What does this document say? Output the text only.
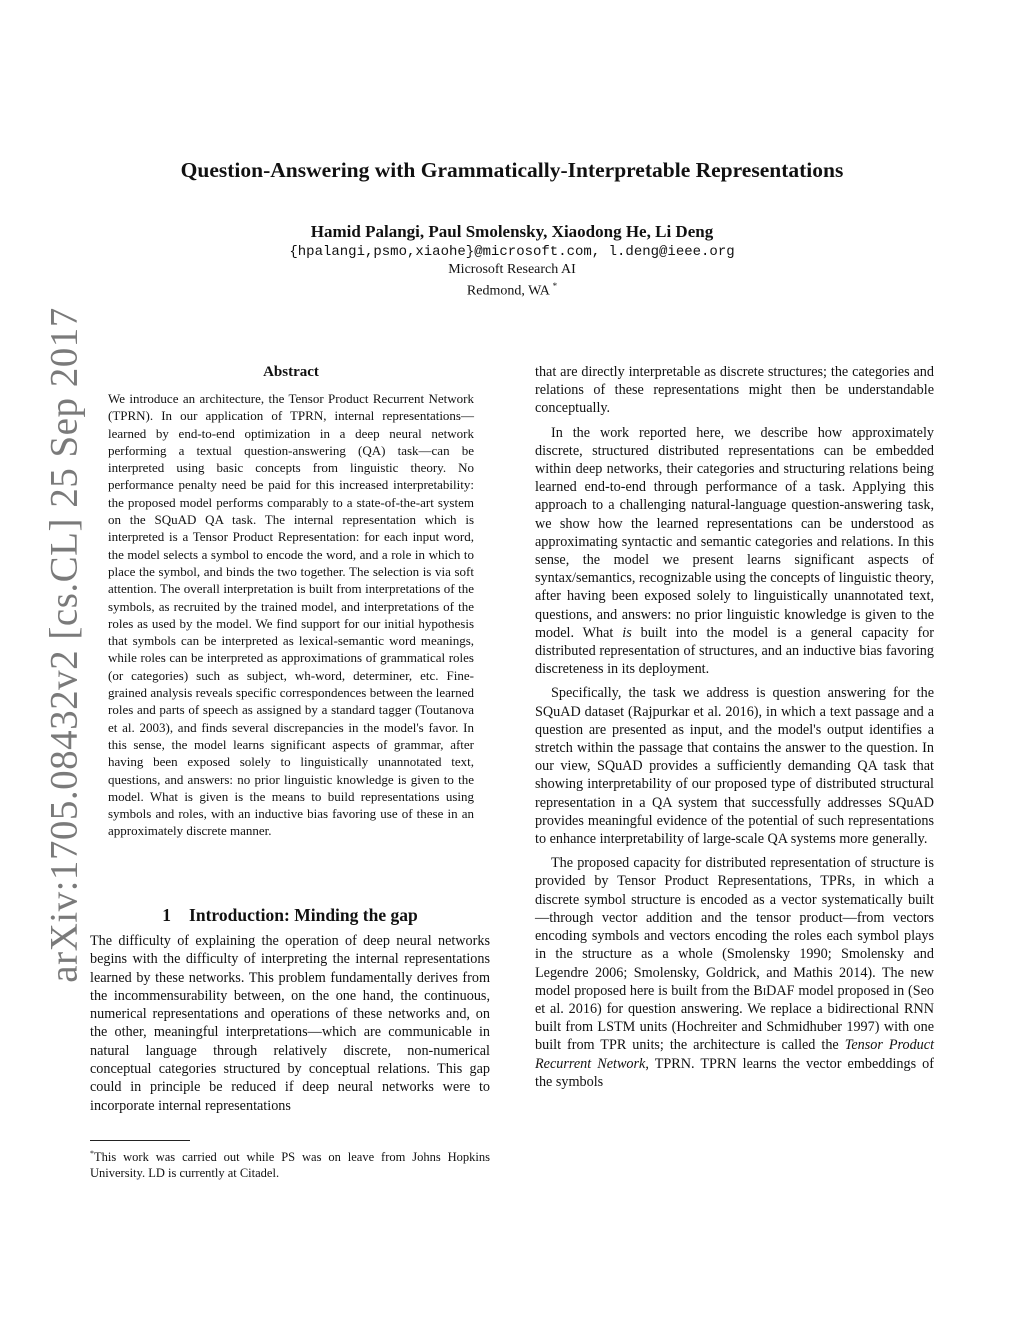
arXiv:1705.08432v2 [cs.CL] 25 Sep 2017
Question-Answering with Grammatically-Interpretable Representations
Hamid Palangi, Paul Smolensky, Xiaodong He, Li Deng
{hpalangi,psmo,xiaohe}@microsoft.com, l.deng@ieee.org
Microsoft Research AI
Redmond, WA *
Abstract

We introduce an architecture, the Tensor Product Recurrent Network (TPRN). In our application of TPRN, internal representations—learned by end-to-end optimization in a deep neural network performing a textual question-answering (QA) task—can be interpreted using basic concepts from linguistic theory. No performance penalty need be paid for this increased interpretability: the proposed model performs comparably to a state-of-the-art system on the SQuAD QA task. The internal representation which is interpreted is a Tensor Product Representation: for each input word, the model selects a symbol to encode the word, and a role in which to place the symbol, and binds the two together. The selection is via soft attention. The overall interpretation is built from interpretations of the symbols, as recruited by the trained model, and interpretations of the roles as used by the model. We find support for our initial hypothesis that symbols can be interpreted as lexical-semantic word meanings, while roles can be interpreted as approximations of grammatical roles (or categories) such as subject, wh-word, determiner, etc. Fine-grained analysis reveals specific correspondences between the learned roles and parts of speech as assigned by a standard tagger (Toutanova et al. 2003), and finds several discrepancies in the model's favor. In this sense, the model learns significant aspects of grammar, after having been exposed solely to linguistically unannotated text, questions, and answers: no prior linguistic knowledge is given to the model. What is given is the means to build representations using symbols and roles, with an inductive bias favoring use of these in an approximately discrete manner.

1 Introduction: Minding the gap

The difficulty of explaining the operation of deep neural networks begins with the difficulty of interpreting the internal representations learned by these networks. This problem fundamentally derives from the incommensurability between, on the one hand, the continuous, numerical representations and operations of these networks and, on the other, meaningful interpretations—which are communicable in natural language through relatively discrete, non-numerical conceptual categories structured by conceptual relations. This gap could in principle be reduced if deep neural networks were to incorporate internal representations

*This work was carried out while PS was on leave from Johns Hopkins University. LD is currently at Citadel.

that are directly interpretable as discrete structures; the categories and relations of these representations might then be understandable conceptually.

In the work reported here, we describe how approximately discrete, structured distributed representations can be embedded within deep networks, their categories and structuring relations being learned end-to-end through performance of a task. Applying this approach to a challenging natural-language question-answering task, we show how the learned representations can be understood as approximating syntactic and semantic categories and relations. In this sense, the model we present learns significant aspects of syntax/semantics, recognizable using the concepts of linguistic theory, after having been exposed solely to linguistically unannotated text, questions, and answers: no prior linguistic knowledge is given to the model. What is built into the model is a general capacity for distributed representation of structures, and an inductive bias favoring discreteness in its deployment.

Specifically, the task we address is question answering for the SQuAD dataset (Rajpurkar et al. 2016), in which a text passage and a question are presented as input, and the model's output identifies a stretch within the passage that contains the answer to the question. In our view, SQuAD provides a sufficiently demanding QA task that showing interpretability of our proposed type of distributed structural representation in a QA system that successfully addresses SQuAD provides meaningful evidence of the potential of such representations to enhance interpretability of large-scale QA systems more generally.

The proposed capacity for distributed representation of structure is provided by Tensor Product Representations, TPRs, in which a discrete symbol structure is encoded as a vector systematically built—through vector addition and the tensor product—from vectors encoding symbols and vectors encoding the roles each symbol plays in the structure as a whole (Smolensky 1990; Smolensky and Legendre 2006; Smolensky, Goldrick, and Mathis 2014). The new model proposed here is built from the BiDAF model proposed in (Seo et al. 2016) for question answering. We replace a bidirectional RNN built from LSTM units (Hochreiter and Schmidhuber 1997) with one built from TPR units; the architecture is called the Tensor Product Recurrent Network, TPRN. TPRN learns the vector embeddings of the symbols
